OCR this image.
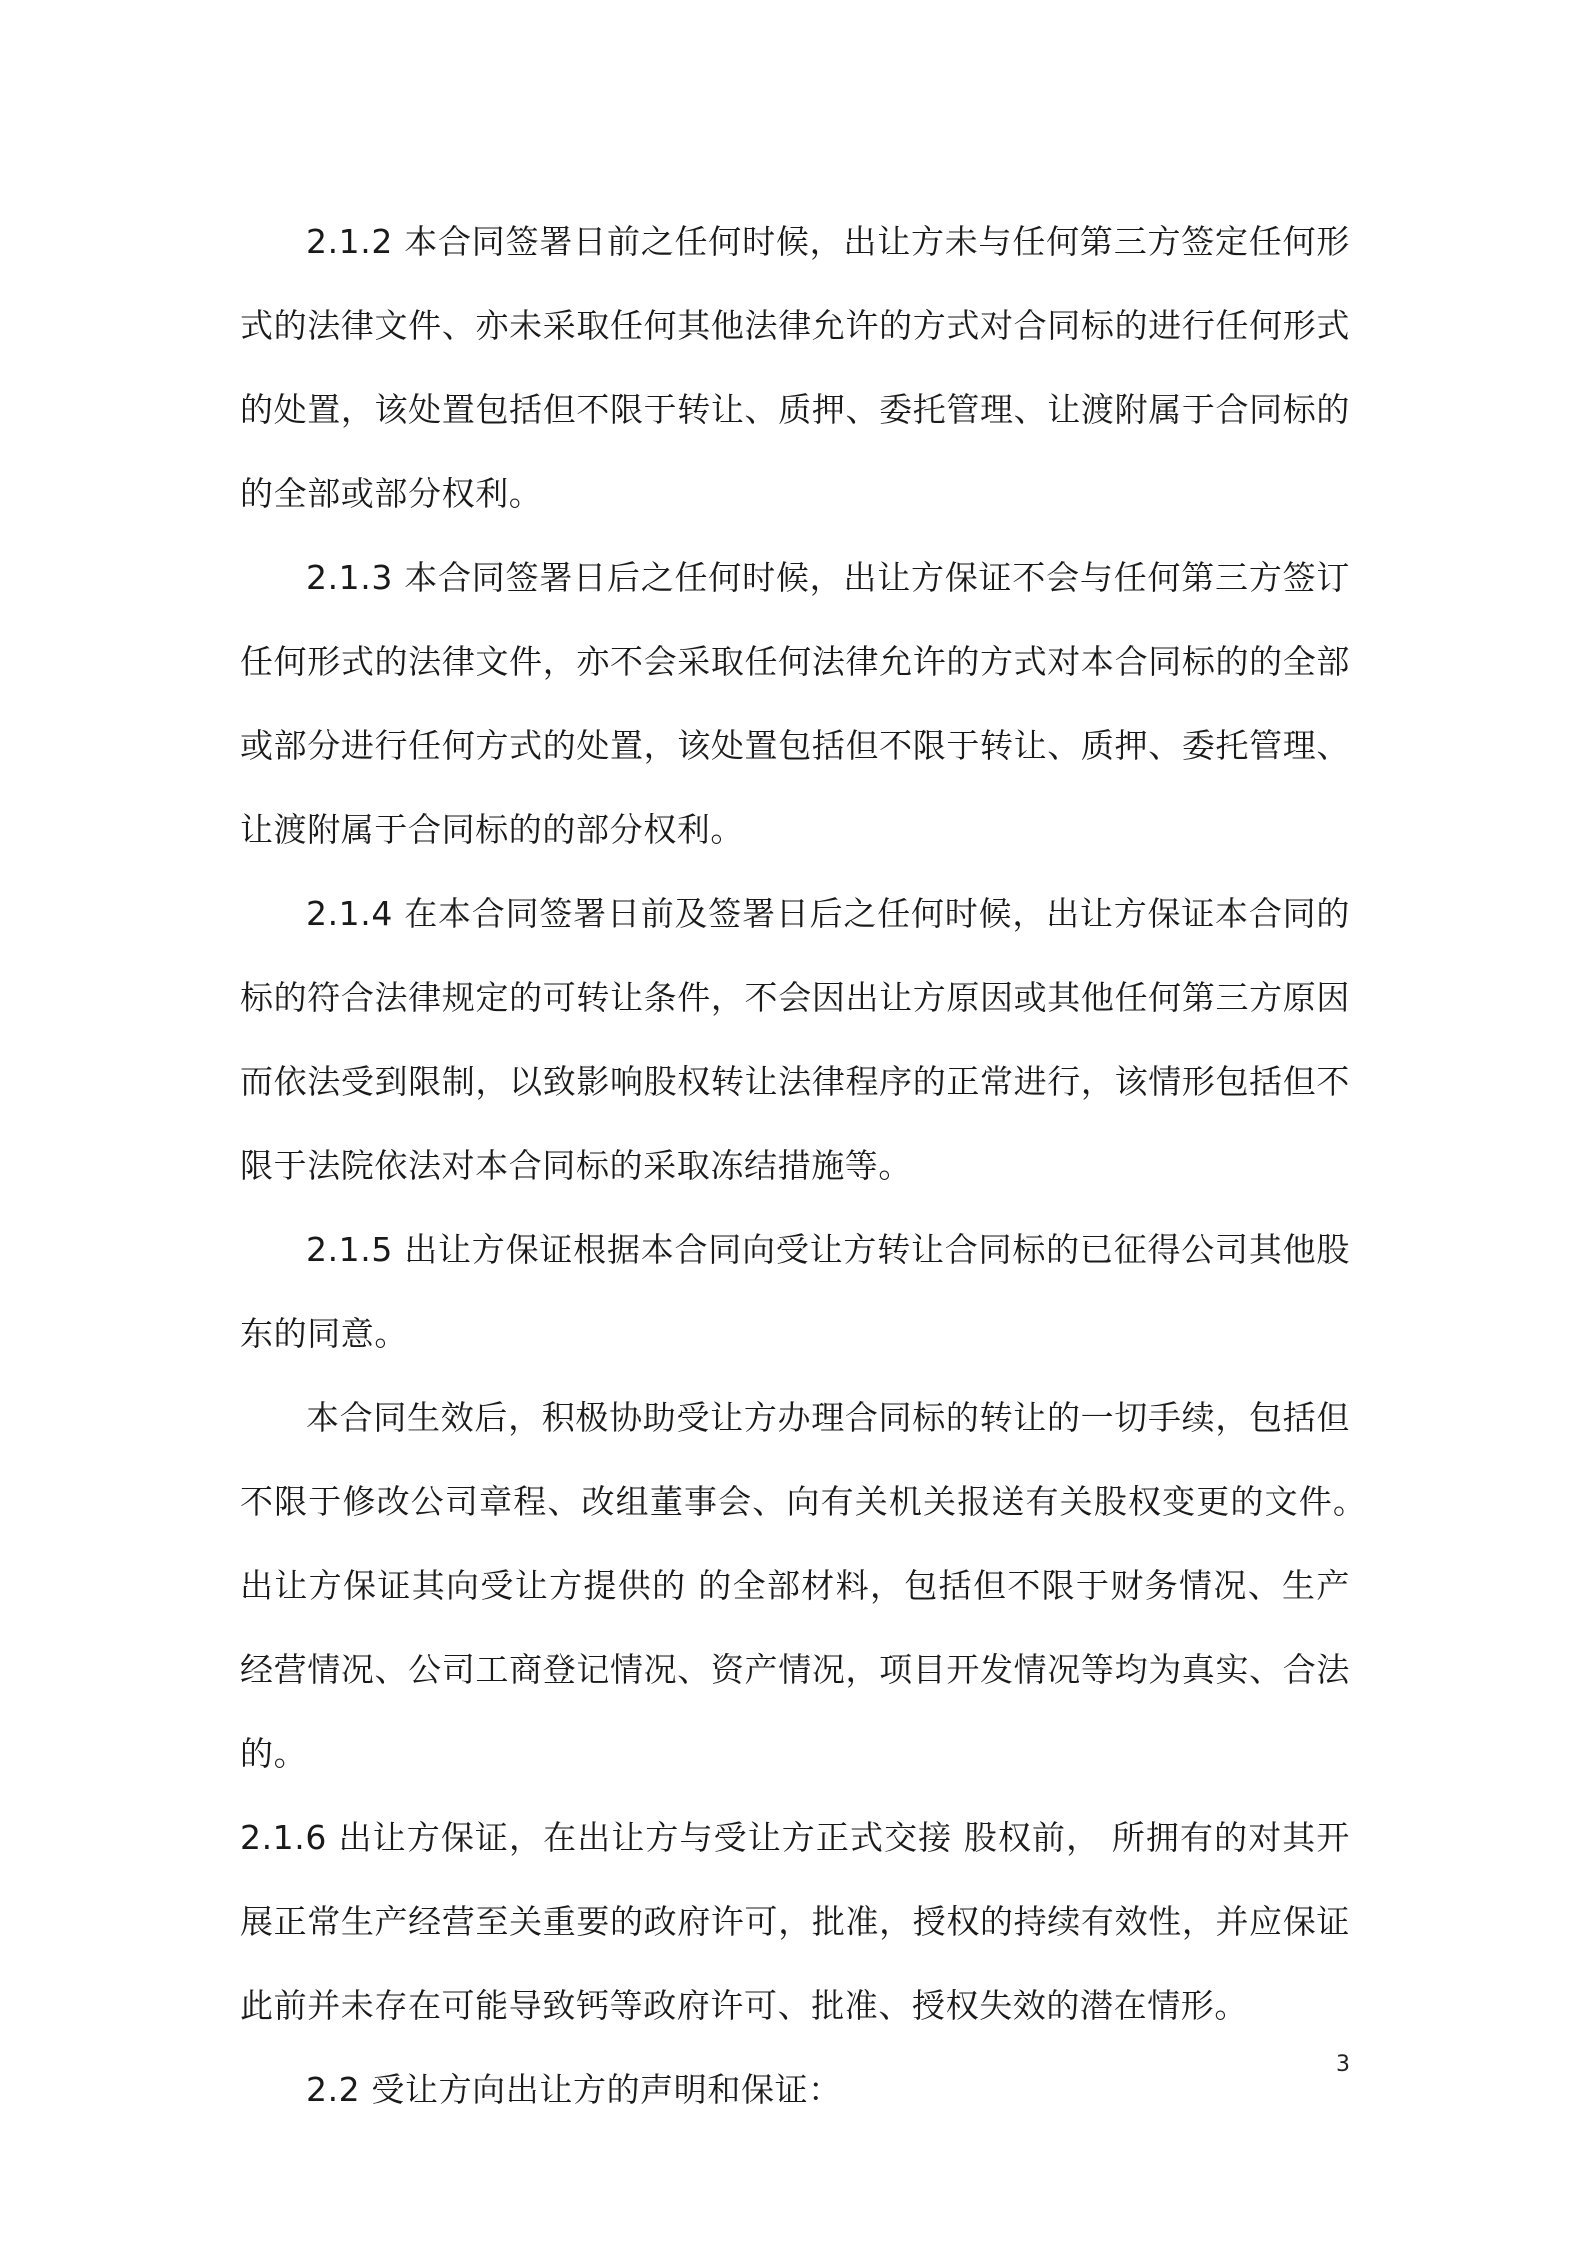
2.1.2 本合同签署日前之任何时候，出让方未与任何第三方签定任何形式的法律文件、亦未采取任何其他法律允许的方式对合同标的进行任何形式的处置，该处置包括但不限于转让、质押、委托管理、让渡附属于合同标的的全部或部分权利。

2.1.3 本合同签署日后之任何时候，出让方保证不会与任何第三方签订任何形式的法律文件，亦不会采取任何法律允许的方式对本合同标的的全部或部分进行任何方式的处置，该处置包括但不限于转让、质押、委托管理、让渡附属于合同标的的部分权利。

2.1.4 在本合同签署日前及签署日后之任何时候，出让方保证本合同的标的符合法律规定的可转让条件，不会因出让方原因或其他任何第三方原因而依法受到限制，以致影响股权转让法律程序的正常进行，该情形包括但不限于法院依法对本合同标的采取冻结措施等。

2.1.5 出让方保证根据本合同向受让方转让合同标的已征得公司其他股东的同意。

本合同生效后，积极协助受让方办理合同标的转让的一切手续，包括但不限于修改公司章程、改组董事会、向有关机关报送有关股权变更的文件。　　　出让方保证其向受让方提供的 的全部材料，包括但不限于财务情况、生产经营情况、公司工商登记情况、资产情况，项目开发情况等均为真实、合法的。

2.1.6 出让方保证，在出让方与受让方正式交接 股权前， 所拥有的对其开展正常生产经营至关重要的政府许可，批准，授权的持续有效性，并应保证此前并未存在可能导致钙等政府许可、批准、授权失效的潜在情形。

2.2 受让方向出让方的声明和保证：

3
